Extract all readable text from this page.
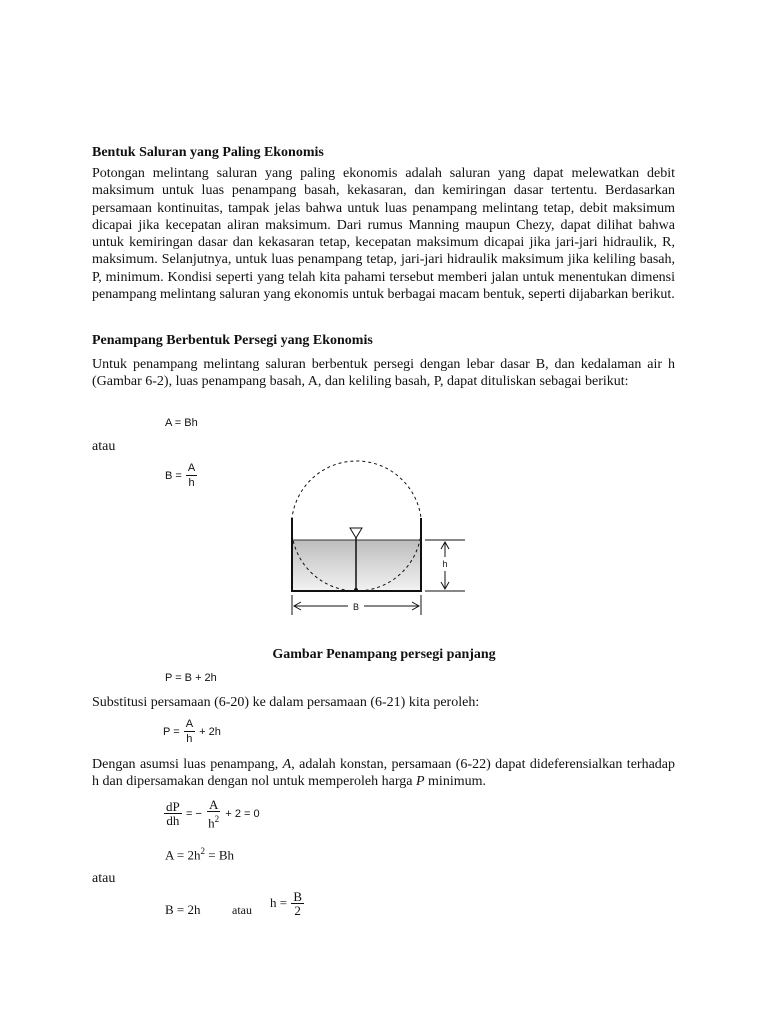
Bentuk Saluran yang Paling Ekonomis

Potongan melintang saluran yang paling ekonomis adalah saluran yang dapat melewatkan debit maksimum untuk luas penampang basah, kekasaran, dan kemiringan dasar tertentu. Berdasarkan persamaan kontinuitas, tampak jelas bahwa untuk luas penampang melintang tetap, debit maksimum dicapai jika kecepatan aliran maksimum. Dari rumus Manning maupun Chezy, dapat dilihat bahwa untuk kemiringan dasar dan kekasaran tetap, kecepatan maksimum dicapai jika jari-jari hidraulik, R, maksimum. Selanjutnya, untuk luas penampang tetap, jari-jari hidraulik maksimum jika keliling basah, P, minimum. Kondisi seperti yang telah kita pahami tersebut memberi jalan untuk menentukan dimensi penampang melintang saluran yang ekonomis untuk berbagai macam bentuk, seperti dijabarkan berikut.

Penampang Berbentuk Persegi yang Ekonomis

Untuk penampang melintang saluran berbentuk persegi dengan lebar dasar B, dan kedalaman air h (Gambar 6-2), luas penampang basah, A, dan keliling basah, P, dapat dituliskan sebagai berikut:

A = Bh
atau
$B = \frac{A}{h}$
h
B
Gambar Penampang persegi panjang
P = B + 2h
Substitusi persamaan (6-20) ke dalam persamaan (6-21) kita peroleh:
$P = \frac{A}{h} + 2h$

Dengan asumsi luas penampang, A, adalah konstan, persamaan (6-22) dapat dideferensialkan terhadap h dan dipersamakan dengan nol untuk memperoleh harga P minimum.

$\frac{dP}{dh}$ = − $\frac{A}{h^2} + 2 = 0$
$A = 2h^2 = Bh$
atau
B = 2h	atau
$h = \frac{B}{2}$
